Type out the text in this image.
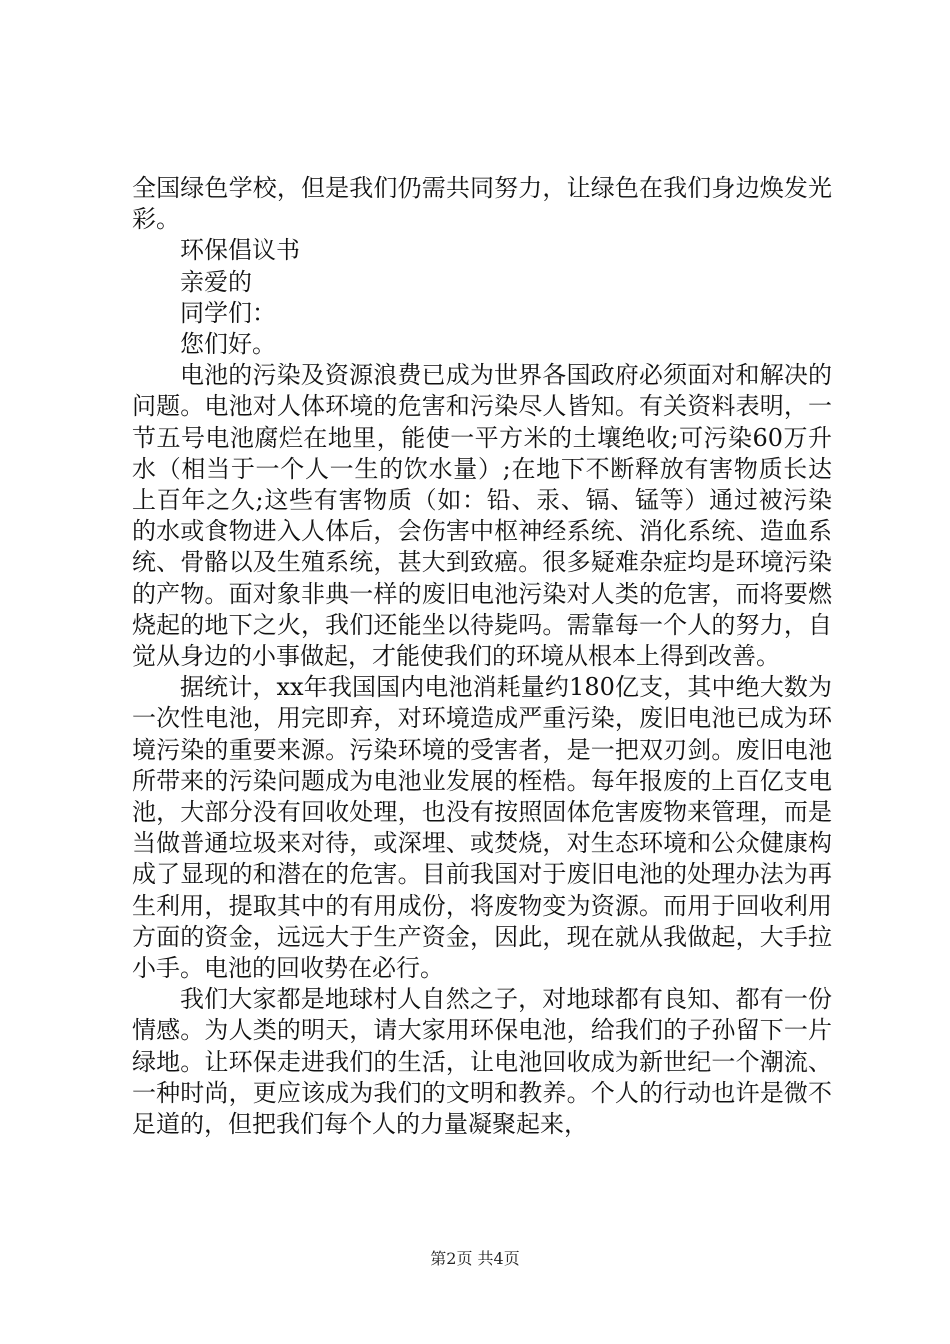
全国绿色学校，但是我们仍需共同努力，让绿色在我们身边焕发光彩。

环保倡议书

亲爱的

同学们：

您们好。

电池的污染及资源浪费已成为世界各国政府必须面对和解决的问题。电池对人体环境的危害和污染尽人皆知。有关资料表明，一节五号电池腐烂在地里，能使一平方米的土壤绝收;可污染60万升水（相当于一个人一生的饮水量）;在地下不断释放有害物质长达上百年之久;这些有害物质（如：铅、汞、镉、锰等）通过被污染的水或食物进入人体后，会伤害中枢神经系统、消化系统、造血系统、骨骼以及生殖系统，甚大到致癌。很多疑难杂症均是环境污染的产物。面对象非典一样的废旧电池污染对人类的危害，而将要燃烧起的地下之火，我们还能坐以待毙吗。需靠每一个人的努力，自觉从身边的小事做起，才能使我们的环境从根本上得到改善。

据统计，xx年我国国内电池消耗量约180亿支，其中绝大数为一次性电池，用完即弃，对环境造成严重污染，废旧电池已成为环境污染的重要来源。污染环境的受害者，是一把双刃剑。废旧电池所带来的污染问题成为电池业发展的桎梏。每年报废的上百亿支电池，大部分没有回收处理，也没有按照固体危害废物来管理，而是当做普通垃圾来对待，或深埋、或焚烧，对生态环境和公众健康构成了显现的和潜在的危害。目前我国对于废旧电池的处理办法为再生利用，提取其中的有用成份，将废物变为资源。而用于回收利用方面的资金，远远大于生产资金，因此，现在就从我做起，大手拉小手。电池的回收势在必行。

我们大家都是地球村人自然之子，对地球都有良知、都有一份情感。为人类的明天，请大家用环保电池，给我们的子孙留下一片绿地。让环保走进我们的生活，让电池回收成为新世纪一个潮流、一种时尚，更应该成为我们的文明和教养。个人的行动也许是微不足道的，但把我们每个人的力量凝聚起来，

第2页 共4页
